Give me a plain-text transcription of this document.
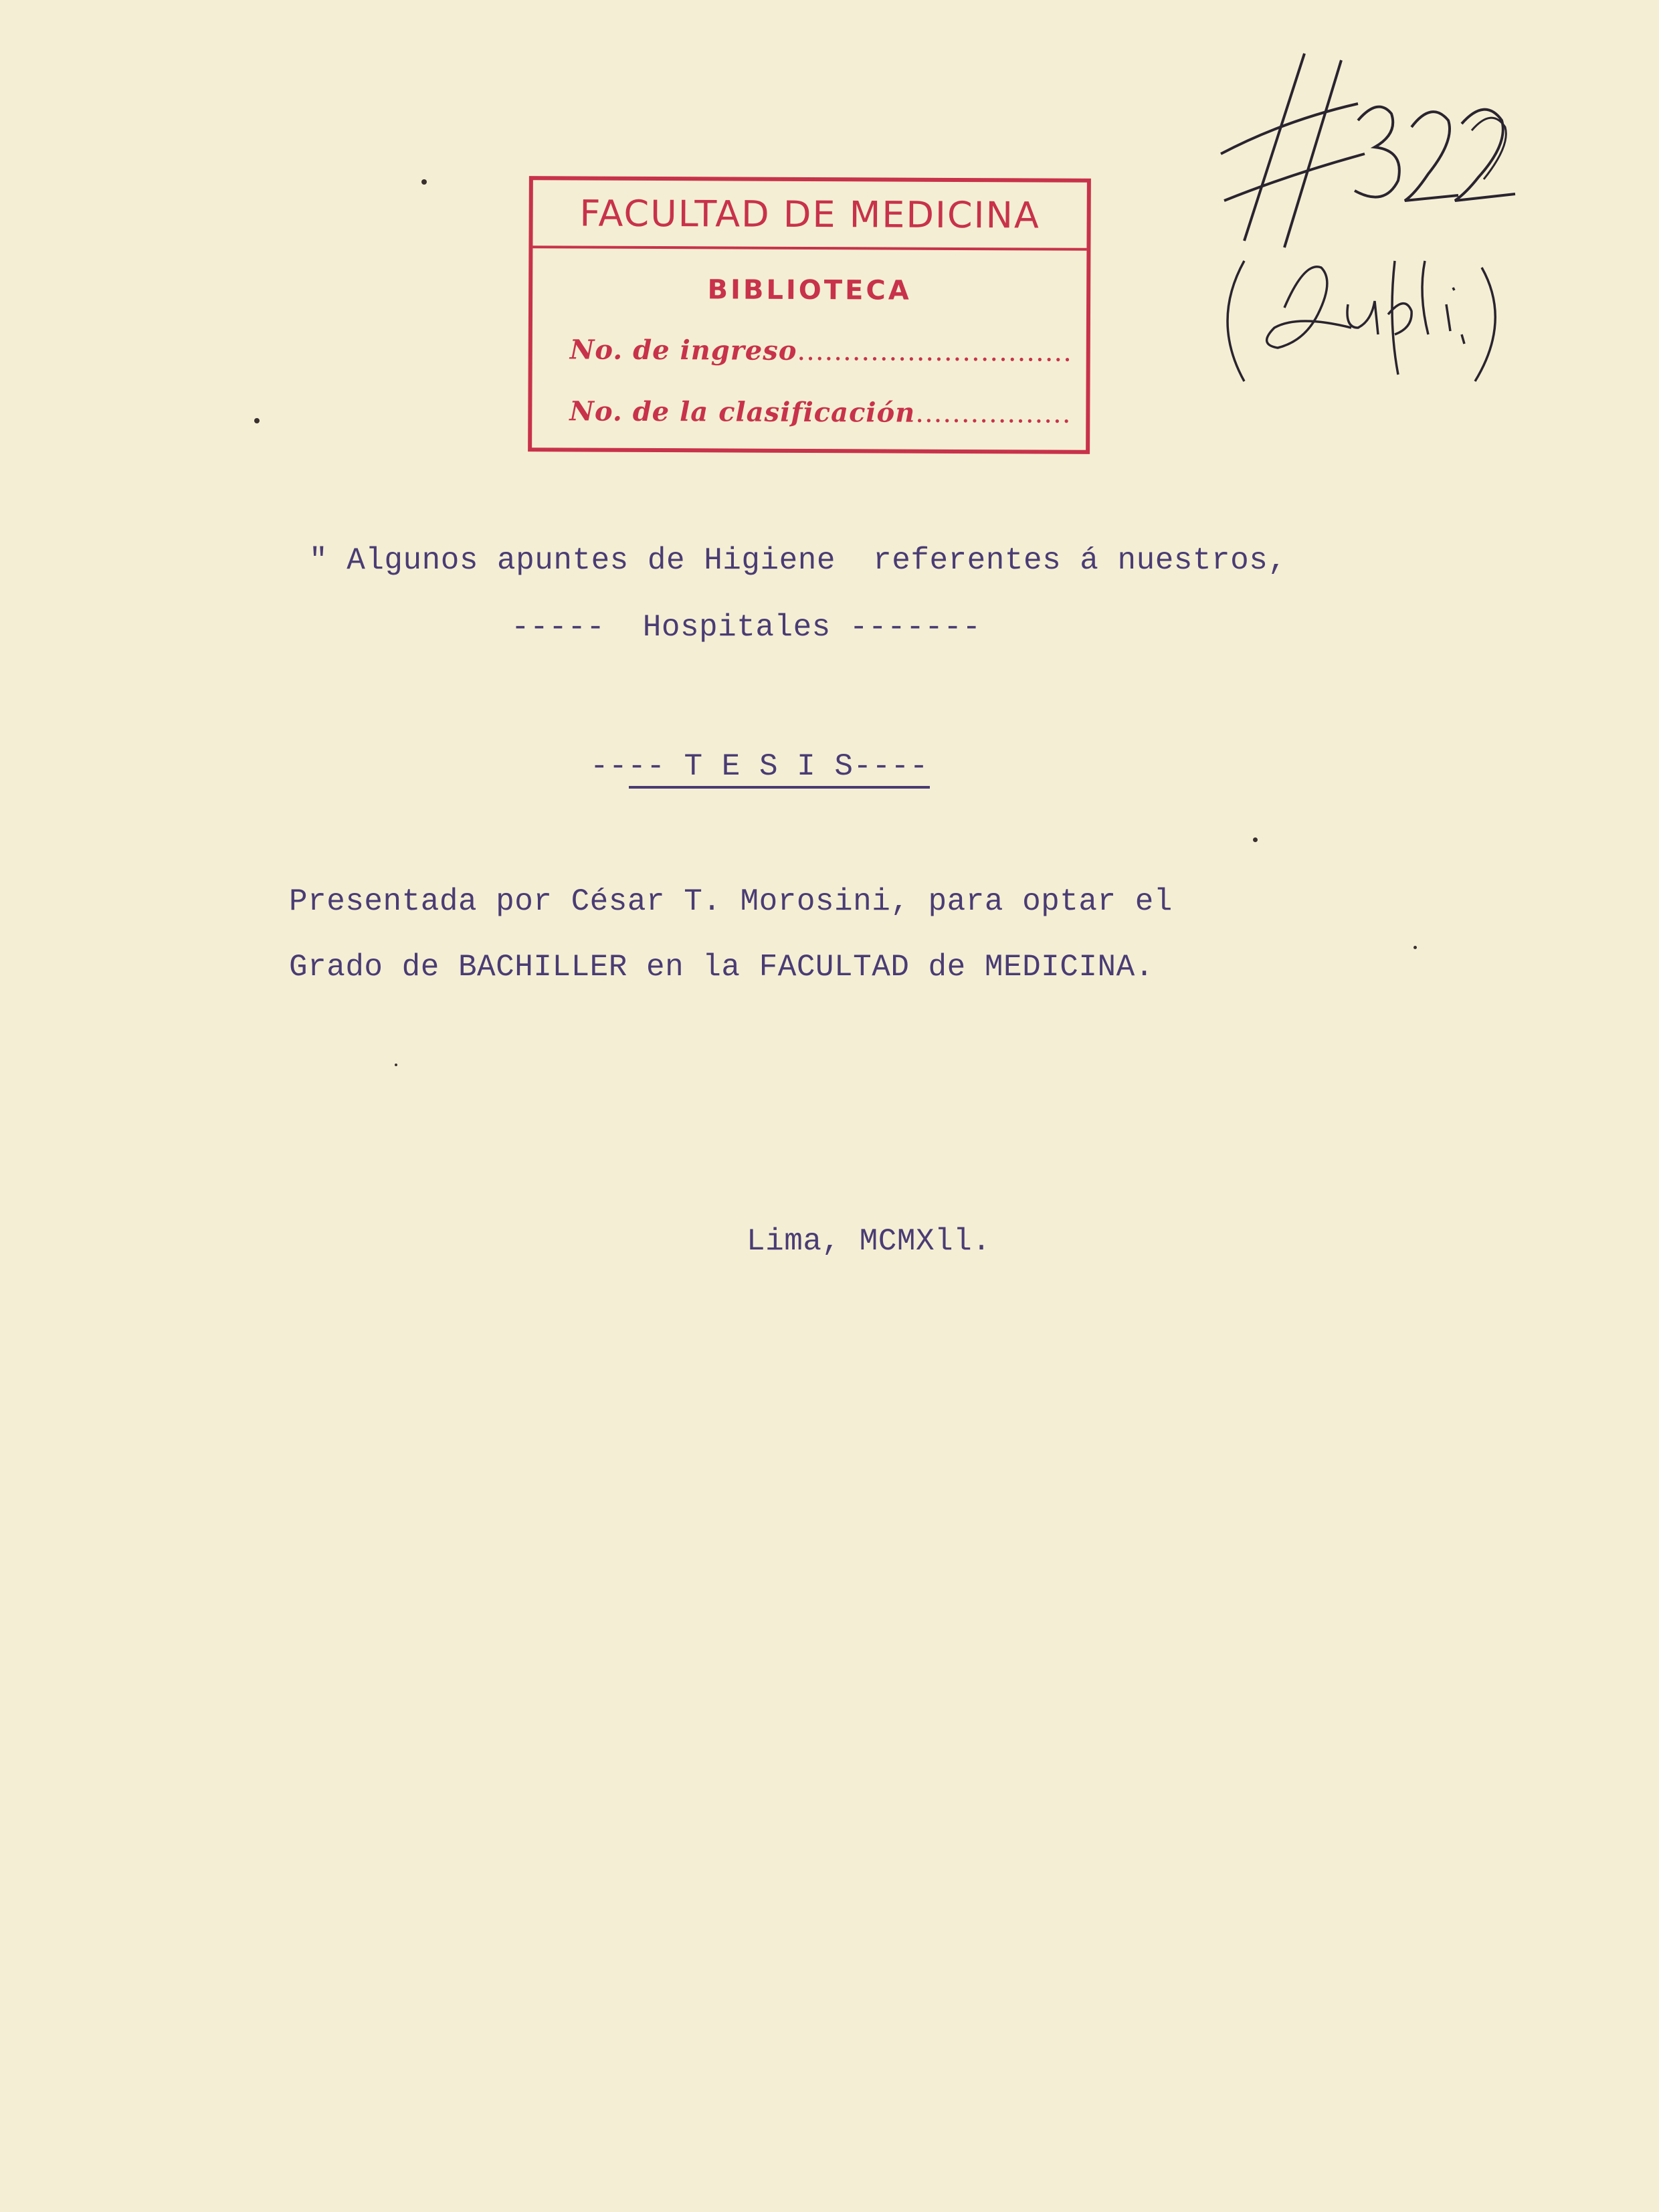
FACULTAD DE MEDICINA
BIBLIOTECA
No. de ingreso..............................
No. de la clasificación.................
" Algunos apuntes de Higiene  referentes á nuestros,
-----  Hospitales -------
---- T E S I S----
Presentada por César T. Morosini, para optar el
Grado de BACHILLER en la FACULTAD de MEDICINA.
Lima, MCMXll.
